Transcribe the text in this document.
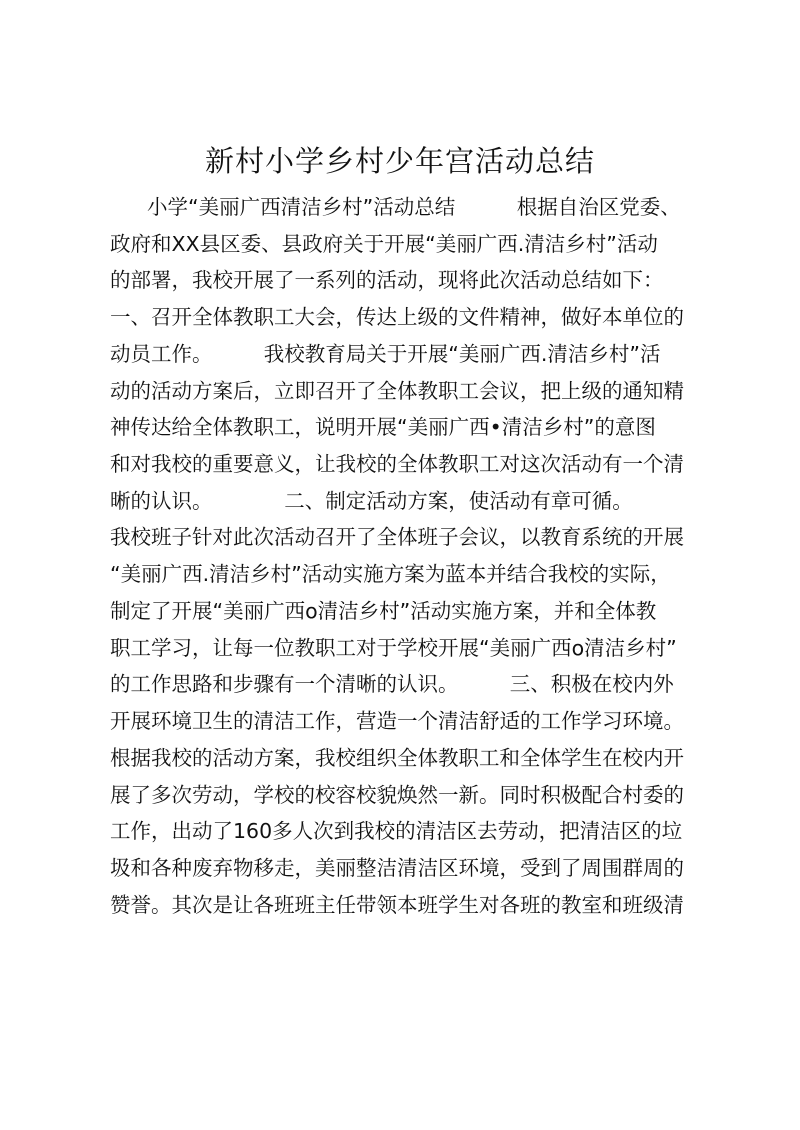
新村小学乡村少年宫活动总结

小学“美丽广西清洁乡村”活动总结　　　根据自治区党委、

政府和XX县区委、县政府关于开展“美丽广西.清洁乡村”活动

的部署，我校开展了一系列的活动，现将此次活动总结如下：

一、召开全体教职工大会，传达上级的文件精神，做好本单位的

动员工作。　　　我校教育局关于开展“美丽广西.清洁乡村”活

动的活动方案后，立即召开了全体教职工会议，把上级的通知精

神传达给全体教职工，说明开展“美丽广西•清洁乡村”的意图

和对我校的重要意义，让我校的全体教职工对这次活动有一个清

晰的认识。　　　　二、制定活动方案，使活动有章可循。

我校班子针对此次活动召开了全体班子会议，以教育系统的开展

“美丽广西.清洁乡村”活动实施方案为蓝本并结合我校的实际，

制定了开展“美丽广西ο清洁乡村”活动实施方案，并和全体教

职工学习，让每一位教职工对于学校开展“美丽广西ο清洁乡村”

的工作思路和步骤有一个清晰的认识。　　　三、积极在校内外

开展环境卫生的清洁工作，营造一个清洁舒适的工作学习环境。

根据我校的活动方案，我校组织全体教职工和全体学生在校内开

展了多次劳动，学校的校容校貌焕然一新。同时积极配合村委的

工作，出动了160多人次到我校的清洁区去劳动，把清洁区的垃

圾和各种废弃物移走，美丽整洁清洁区环境，受到了周围群周的

赞誉。其次是让各班班主任带领本班学生对各班的教室和班级清
